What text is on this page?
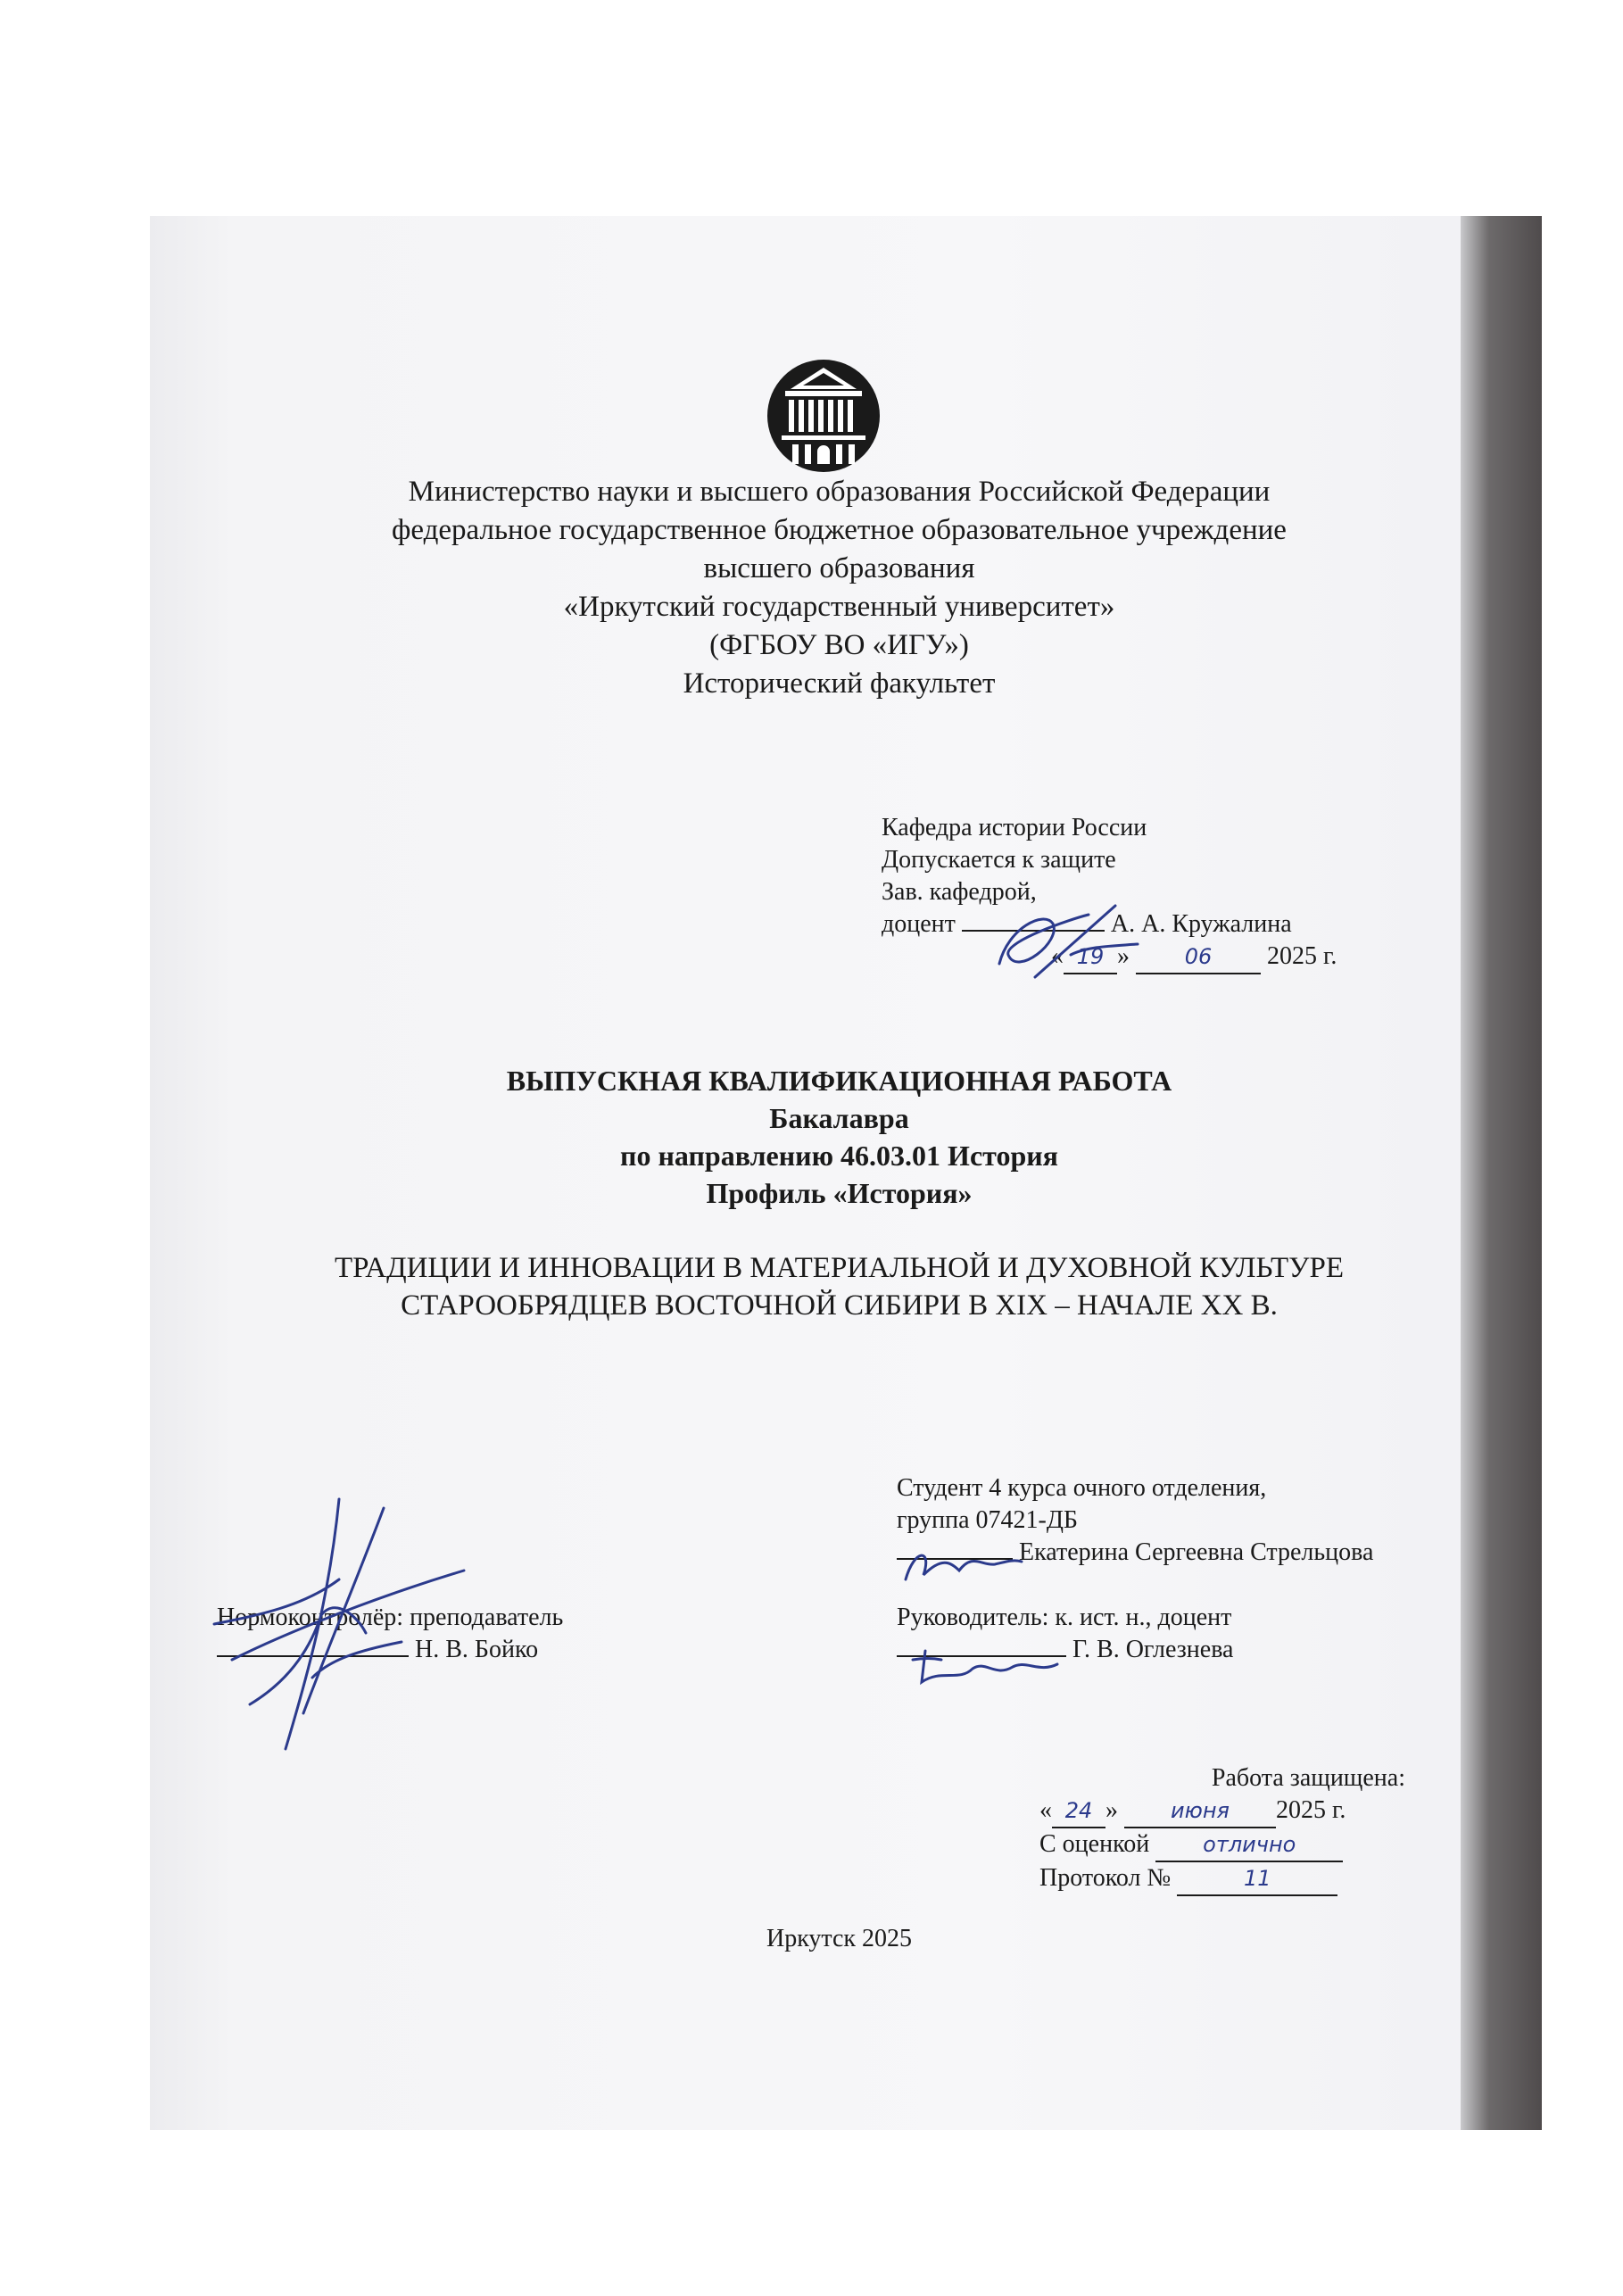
Министерство науки и высшего образования Российской Федерации
федеральное государственное бюджетное образовательное учреждение
высшего образования
«Иркутский государственный университет»
(ФГБОУ ВО «ИГУ»)
Исторический факультет
Кафедра истории России
Допускается к защите
Зав. кафедрой,
доцент	А. А. Кружалина
« 19 »	06 2025 г.
ВЫПУСКНАЯ КВАЛИФИКАЦИОННАЯ РАБОТА
Бакалавра
по направлению 46.03.01 История
Профиль «История»
ТРАДИЦИИ И ИННОВАЦИИ В МАТЕРИАЛЬНОЙ И ДУХОВНОЙ КУЛЬТУРЕ
СТАРООБРЯДЦЕВ ВОСТОЧНОЙ СИБИРИ В XIX – НАЧАЛЕ XX В.
Студент 4 курса очного отделения,
группа 07421-ДБ
Екатерина Сергеевна Стрельцова
Нормоконтролёр: преподаватель
Н. В. Бойко
Руководитель: к. ист. н., доцент
Г. В. Оглезнева
Работа защищена:
« 24 » июня 2025 г.
С оценкой отлично
Протокол №	11
Иркутск 2025
